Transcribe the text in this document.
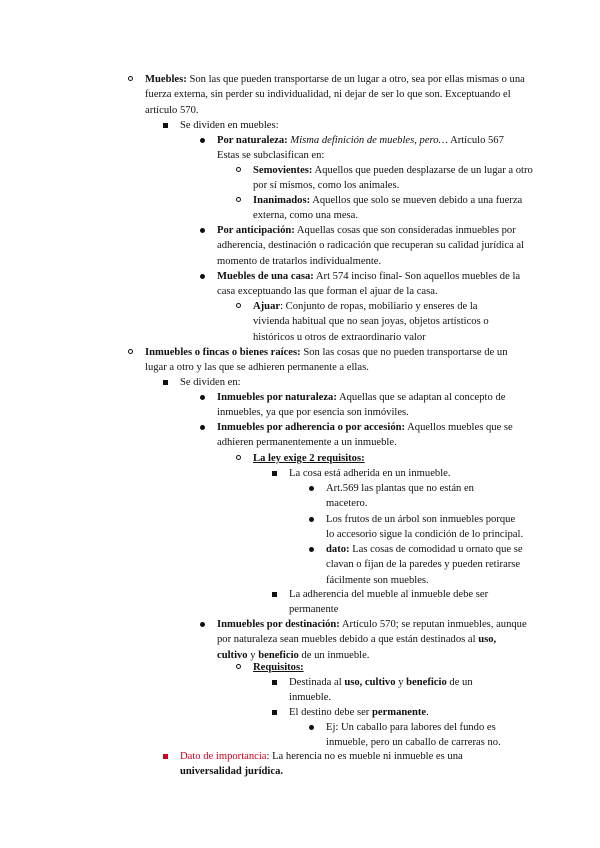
Muebles: Son las que pueden transportarse de un lugar a otro, sea por ellas mismas o una fuerza externa, sin perder su individualidad, ni dejar de ser lo que son. Exceptuando el artículo 570.
Se dividen en muebles:
Por naturaleza: Misma definición de muebles, pero… Artículo 567
Estas se subclasifican en:
Semovientes: Aquellos que pueden desplazarse de un lugar a otro por sí mismos, como los animales.
Inanimados: Aquellos que solo se mueven debido a una fuerza externa, como una mesa.
Por anticipación: Aquellas cosas que son consideradas inmuebles por adherencia, destinación o radicación que recuperan su calidad jurídica al momento de tratarlos individualmente.
Muebles de una casa: Art 574 inciso final- Son aquellos muebles de la casa exceptuando las que forman el ajuar de la casa.
Ajuar: Conjunto de ropas, mobiliario y enseres de la vivienda habitual que no sean joyas, objetos artísticos o históricos u otros de extraordinario valor
Inmuebles o fincas o bienes raíces: Son las cosas que no pueden transportarse de un lugar a otro y las que se adhieren permanente a ellas.
Se dividen en:
Inmuebles por naturaleza: Aquellas que se adaptan al concepto de inmuebles, ya que por esencia son inmóviles.
Inmuebles por adherencia o por accesión: Aquellos muebles que se adhieren permanentemente a un inmueble.
La ley exige 2 requisitos:
La cosa está adherida en un inmueble.
Art.569 las plantas que no están en macetero.
Los frutos de un árbol son inmuebles porque lo accesorio sigue la condición de lo principal.
dato: Las cosas de comodidad u ornato que se clavan o fijan de la paredes y pueden retirarse fácilmente son muebles.
La adherencia del mueble al inmueble debe ser permanente
Inmuebles por destinación: Artículo 570; se reputan inmuebles, aunque por naturaleza sean muebles debido a que están destinados al uso, cultivo y beneficio de un inmueble.
Requisitos:
Destinada al uso, cultivo y beneficio de un inmueble.
El destino debe ser permanente.
Ej: Un caballo para labores del fundo es inmueble, pero un caballo de carreras no.
Dato de importancia: La herencia no es mueble ni inmueble es una universalidad jurídica.
